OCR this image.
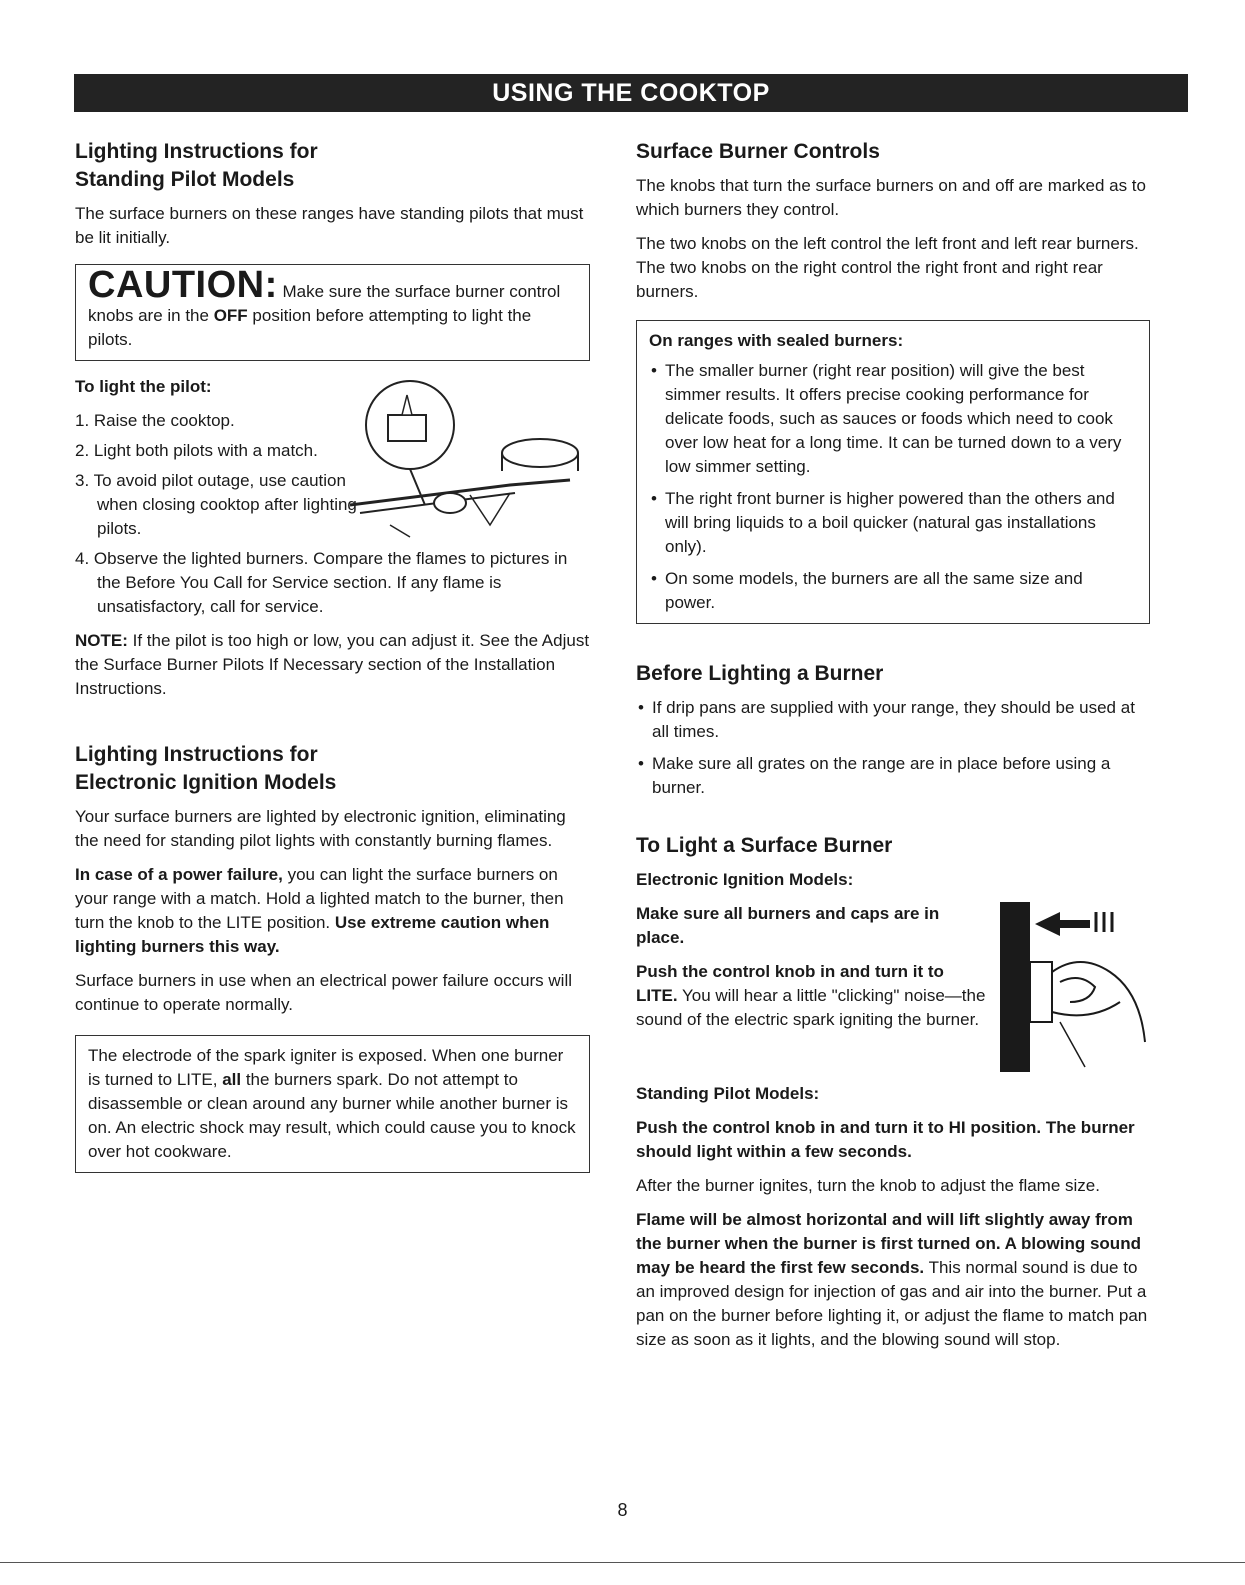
USING THE COOKTOP
Lighting Instructions for
Standing Pilot Models

The surface burners on these ranges have standing pilots that must be lit initially.

CAUTION: Make sure the surface burner control knobs are in the OFF position before attempting to light the pilots.
To light the pilot:
1. Raise the cooktop.
2. Light both pilots with a match.
3. To avoid pilot outage, use caution when closing cooktop after lighting pilots.
4. Observe the lighted burners. Compare the flames to pictures in the Before You Call for Service section. If any flame is unsatisfactory, call for service.

NOTE: If the pilot is too high or low, you can adjust it. See the Adjust the Surface Burner Pilots If Necessary section of the Installation Instructions.

Lighting Instructions for
Electronic Ignition Models

Your surface burners are lighted by electronic ignition, eliminating the need for standing pilot lights with constantly burning flames.

In case of a power failure, you can light the surface burners on your range with a match. Hold a lighted match to the burner, then turn the knob to the LITE position. Use extreme caution when lighting burners this way.

Surface burners in use when an electrical power failure occurs will continue to operate normally.

The electrode of the spark igniter is exposed. When one burner is turned to LITE, all the burners spark. Do not attempt to disassemble or clean around any burner while another burner is on. An electric shock may result, which could cause you to knock over hot cookware.

Surface Burner Controls

The knobs that turn the surface burners on and off are marked as to which burners they control.

The two knobs on the left control the left front and left rear burners. The two knobs on the right control the right front and right rear burners.

On ranges with sealed burners:
• The smaller burner (right rear position) will give the best simmer results. It offers precise cooking performance for delicate foods, such as sauces or foods which need to cook over low heat for a long time. It can be turned down to a very low simmer setting.
• The right front burner is higher powered than the others and will bring liquids to a boil quicker (natural gas installations only).
• On some models, the burners are all the same size and power.
Before Lighting a Burner
• If drip pans are supplied with your range, they should be used at all times.
• Make sure all grates on the range are in place before using a burner.
To Light a Surface Burner
Electronic Ignition Models:

Make sure all burners and caps are in place.

Push the control knob in and turn it to LITE. You will hear a little "clicking" noise—the sound of the electric spark igniting the burner.

Standing Pilot Models:

Push the control knob in and turn it to HI position. The burner should light within a few seconds.

After the burner ignites, turn the knob to adjust the flame size.

Flame will be almost horizontal and will lift slightly away from the burner when the burner is first turned on. A blowing sound may be heard the first few seconds. This normal sound is due to an improved design for injection of gas and air into the burner. Put a pan on the burner before lighting it, or adjust the flame to match pan size as soon as it lights, and the blowing sound will stop.

8
